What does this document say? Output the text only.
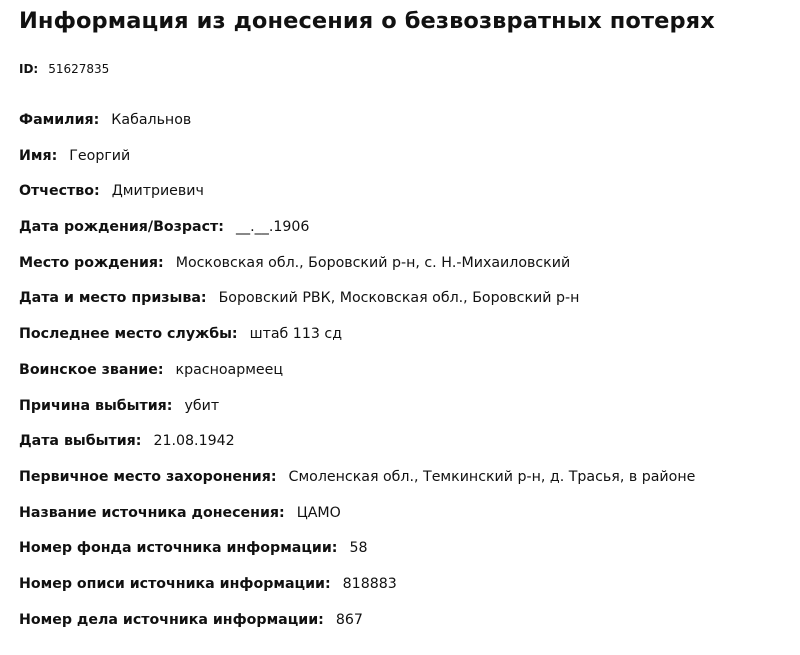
Информация из донесения о безвозвратных потерях
ID: 51627835
Фамилия: Кабальнов
Имя: Георгий
Отчество: Дмитриевич
Дата рождения/Возраст: __.__.1906
Место рождения: Московская обл., Боровский р-н, с. Н.-Михаиловский
Дата и место призыва: Боровский РВК, Московская обл., Боровский р-н
Последнее место службы: штаб 113 сд
Воинское звание: красноармеец
Причина выбытия: убит
Дата выбытия: 21.08.1942
Первичное место захоронения: Смоленская обл., Темкинский р-н, д. Трасья, в районе
Название источника донесения: ЦАМО
Номер фонда источника информации: 58
Номер описи источника информации: 818883
Номер дела источника информации: 867
